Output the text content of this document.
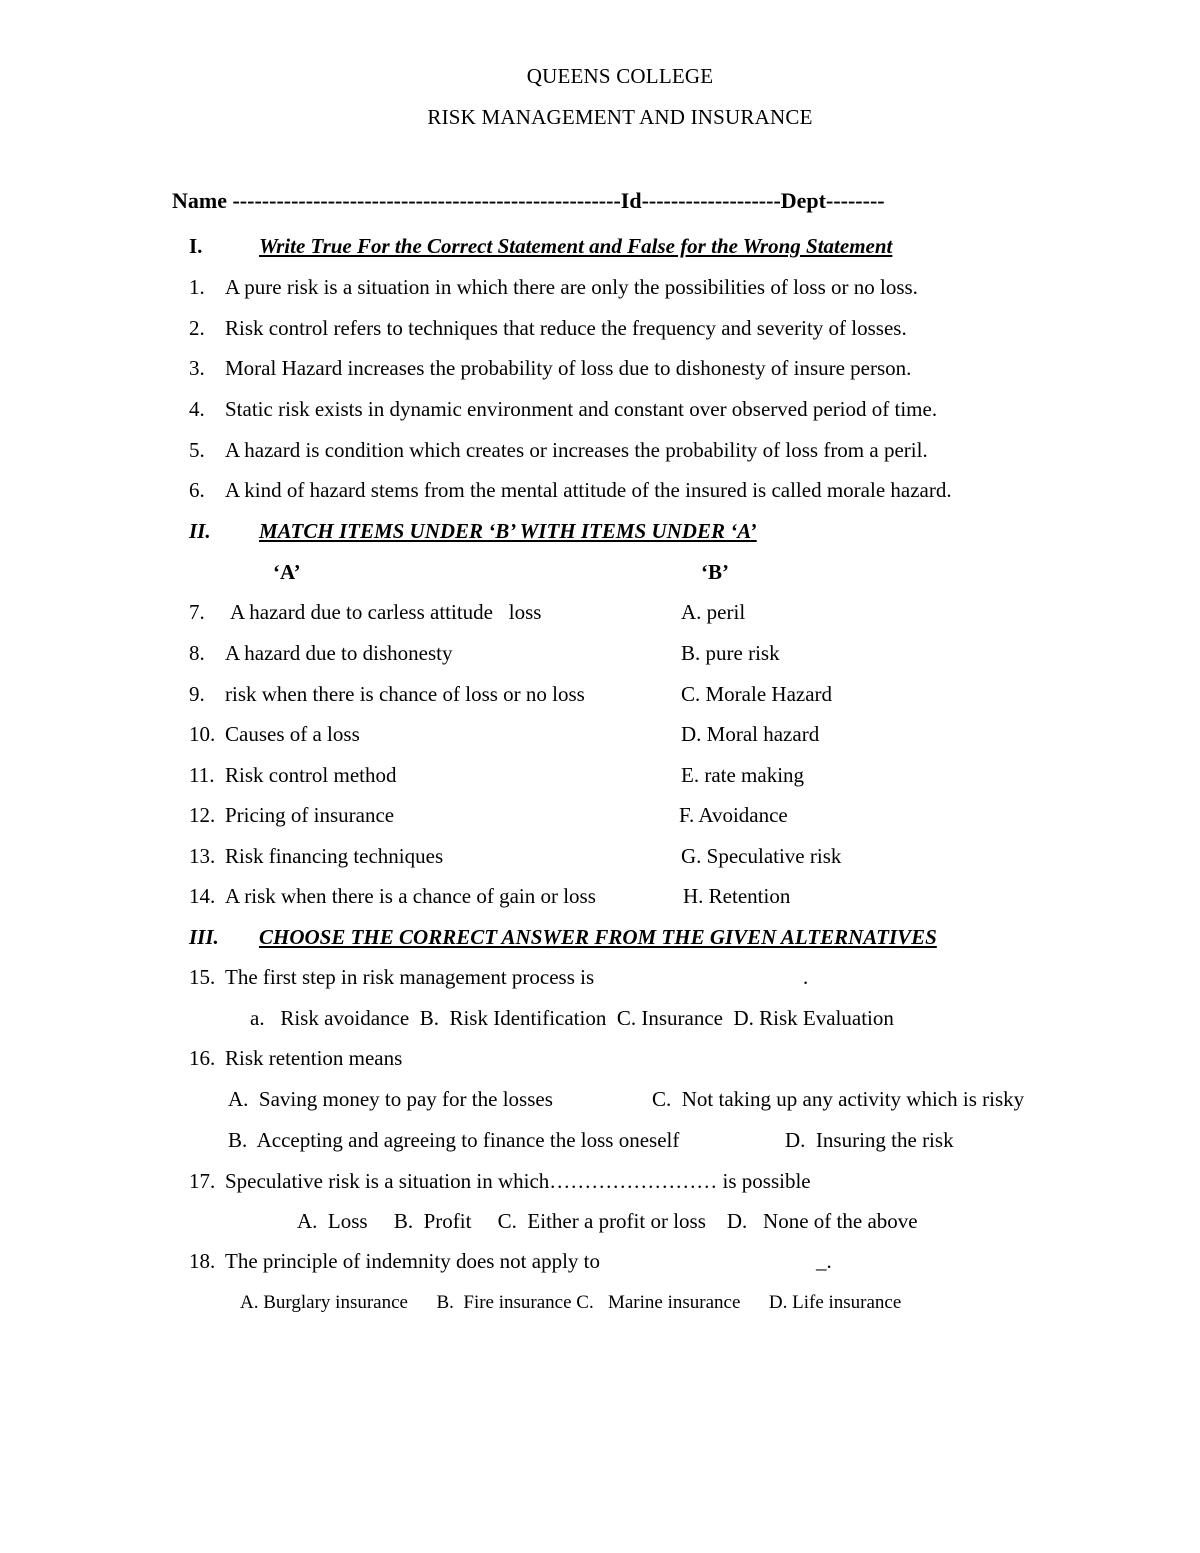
QUEENS COLLEGE
RISK MANAGEMENT AND INSURANCE
Name -----------------------------------------------------Id-------------------Dept--------
I.	Write True For the Correct Statement and False for the Wrong Statement
1. A pure risk is a situation in which there are only the possibilities of loss or no loss.
2. Risk control refers to techniques that reduce the frequency and severity of losses.
3. Moral Hazard increases the probability of loss due to dishonesty of insure person.
4. Static risk exists in dynamic environment and constant over observed period of time.
5. A hazard is condition which creates or increases the probability of loss from a peril.
6. A kind of hazard stems from the mental attitude of the insured is called morale hazard.
II. MATCH ITEMS UNDER ‘B’ WITH ITEMS UNDER ‘A’
‘A’	‘B’
7. A hazard due to carless attitude   loss	A. peril
8. A hazard due to dishonesty	B. pure risk
9. risk when there is chance of loss or no loss	C. Morale Hazard
10. Causes of a loss	D. Moral hazard
11. Risk control method	E. rate making
12. Pricing of insurance	F. Avoidance
13. Risk financing techniques	G. Speculative risk
14. A risk when there is a chance of gain or loss	H. Retention
III. CHOOSE THE CORRECT ANSWER FROM THE GIVEN ALTERNATIVES
15. The first step in risk management process is	.
a.   Risk avoidance  B.  Risk Identification  C. Insurance  D. Risk Evaluation
16. Risk retention means
A.  Saving money to pay for the losses	C.  Not taking up any activity which is risky
B.  Accepting and agreeing to finance the loss oneself	D.  Insuring the risk
17. Speculative risk is a situation in which…………………… is possible
A.  Loss     B.  Profit     C.  Either a profit or loss    D.   None of the above
18. The principle of indemnity does not apply to	_.
A. Burglary insurance      B.  Fire insurance C.   Marine insurance      D. Life insurance
